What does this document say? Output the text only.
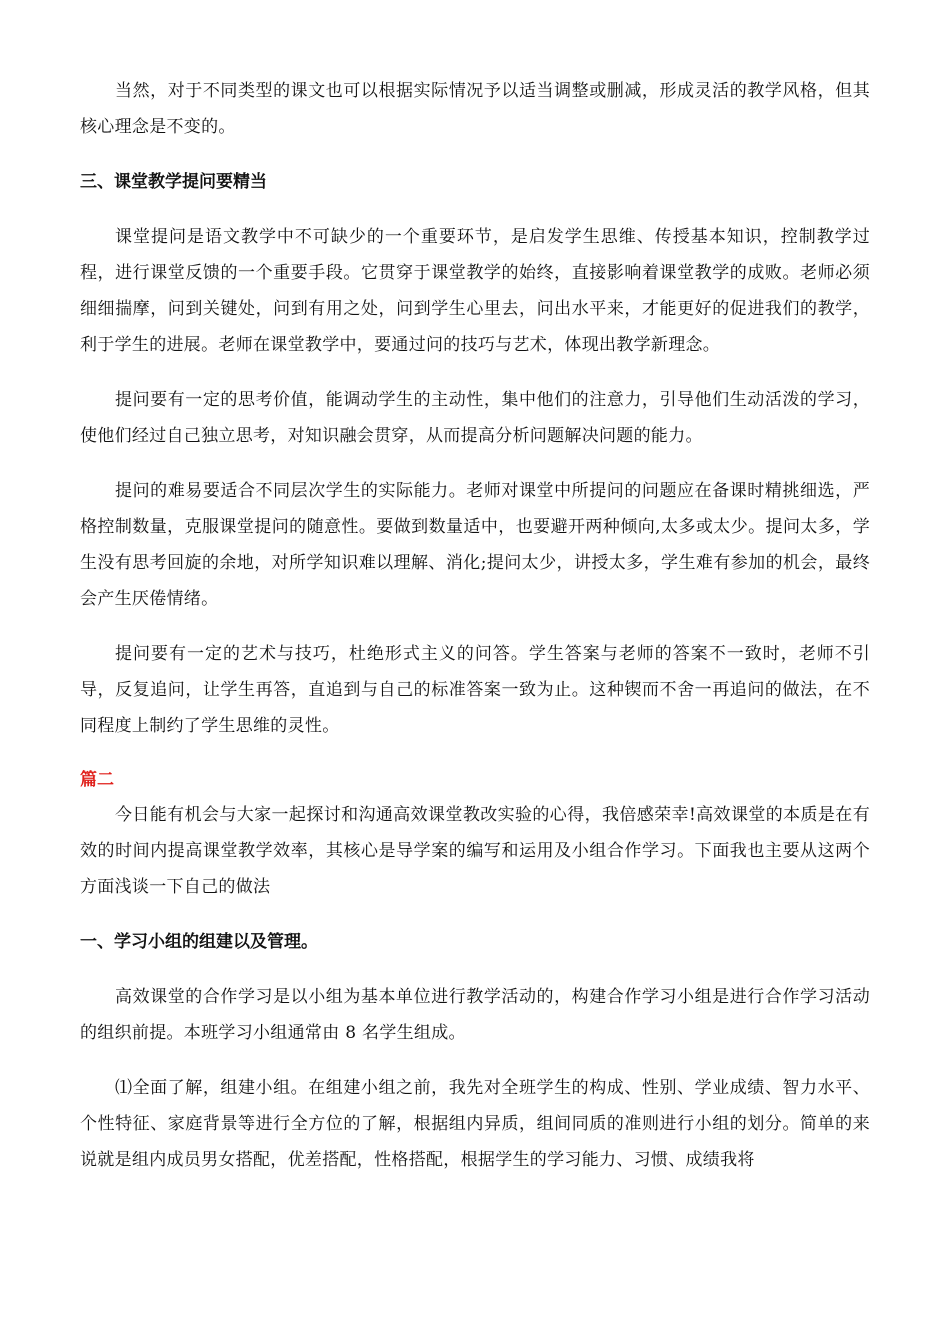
当然，对于不同类型的课文也可以根据实际情况予以适当调整或删减，形成灵活的教学风格，但其核心理念是不变的。

三、课堂教学提问要精当

课堂提问是语文教学中不可缺少的一个重要环节，是启发学生思维、传授基本知识，控制教学过程，进行课堂反馈的一个重要手段。它贯穿于课堂教学的始终，直接影响着课堂教学的成败。老师必须细细揣摩，问到关键处，问到有用之处，问到学生心里去，问出水平来，才能更好的促进我们的教学，利于学生的进展。老师在课堂教学中，要通过问的技巧与艺术，体现出教学新理念。

提问要有一定的思考价值，能调动学生的主动性，集中他们的注意力，引导他们生动活泼的学习，使他们经过自己独立思考，对知识融会贯穿，从而提高分析问题解决问题的能力。

提问的难易要适合不同层次学生的实际能力。老师对课堂中所提问的问题应在备课时精挑细选，严格控制数量，克服课堂提问的随意性。要做到数量适中，也要避开两种倾向,太多或太少。提问太多，学生没有思考回旋的余地，对所学知识难以理解、消化;提问太少，讲授太多，学生难有参加的机会，最终会产生厌倦情绪。

提问要有一定的艺术与技巧，杜绝形式主义的问答。学生答案与老师的答案不一致时，老师不引导，反复追问，让学生再答，直追到与自己的标准答案一致为止。这种锲而不舍一再追问的做法，在不同程度上制约了学生思维的灵性。

篇二

今日能有机会与大家一起探讨和沟通高效课堂教改实验的心得，我倍感荣幸!高效课堂的本质是在有效的时间内提高课堂教学效率，其核心是导学案的编写和运用及小组合作学习。下面我也主要从这两个方面浅谈一下自己的做法

一、学习小组的组建以及管理。

高效课堂的合作学习是以小组为基本单位进行教学活动的，构建合作学习小组是进行合作学习活动的组织前提。本班学习小组通常由 8 名学生组成。

⑴全面了解，组建小组。在组建小组之前，我先对全班学生的构成、性别、学业成绩、智力水平、个性特征、家庭背景等进行全方位的了解，根据组内异质，组间同质的准则进行小组的划分。简单的来说就是组内成员男女搭配，优差搭配，性格搭配，根据学生的学习能力、习惯、成绩我将
